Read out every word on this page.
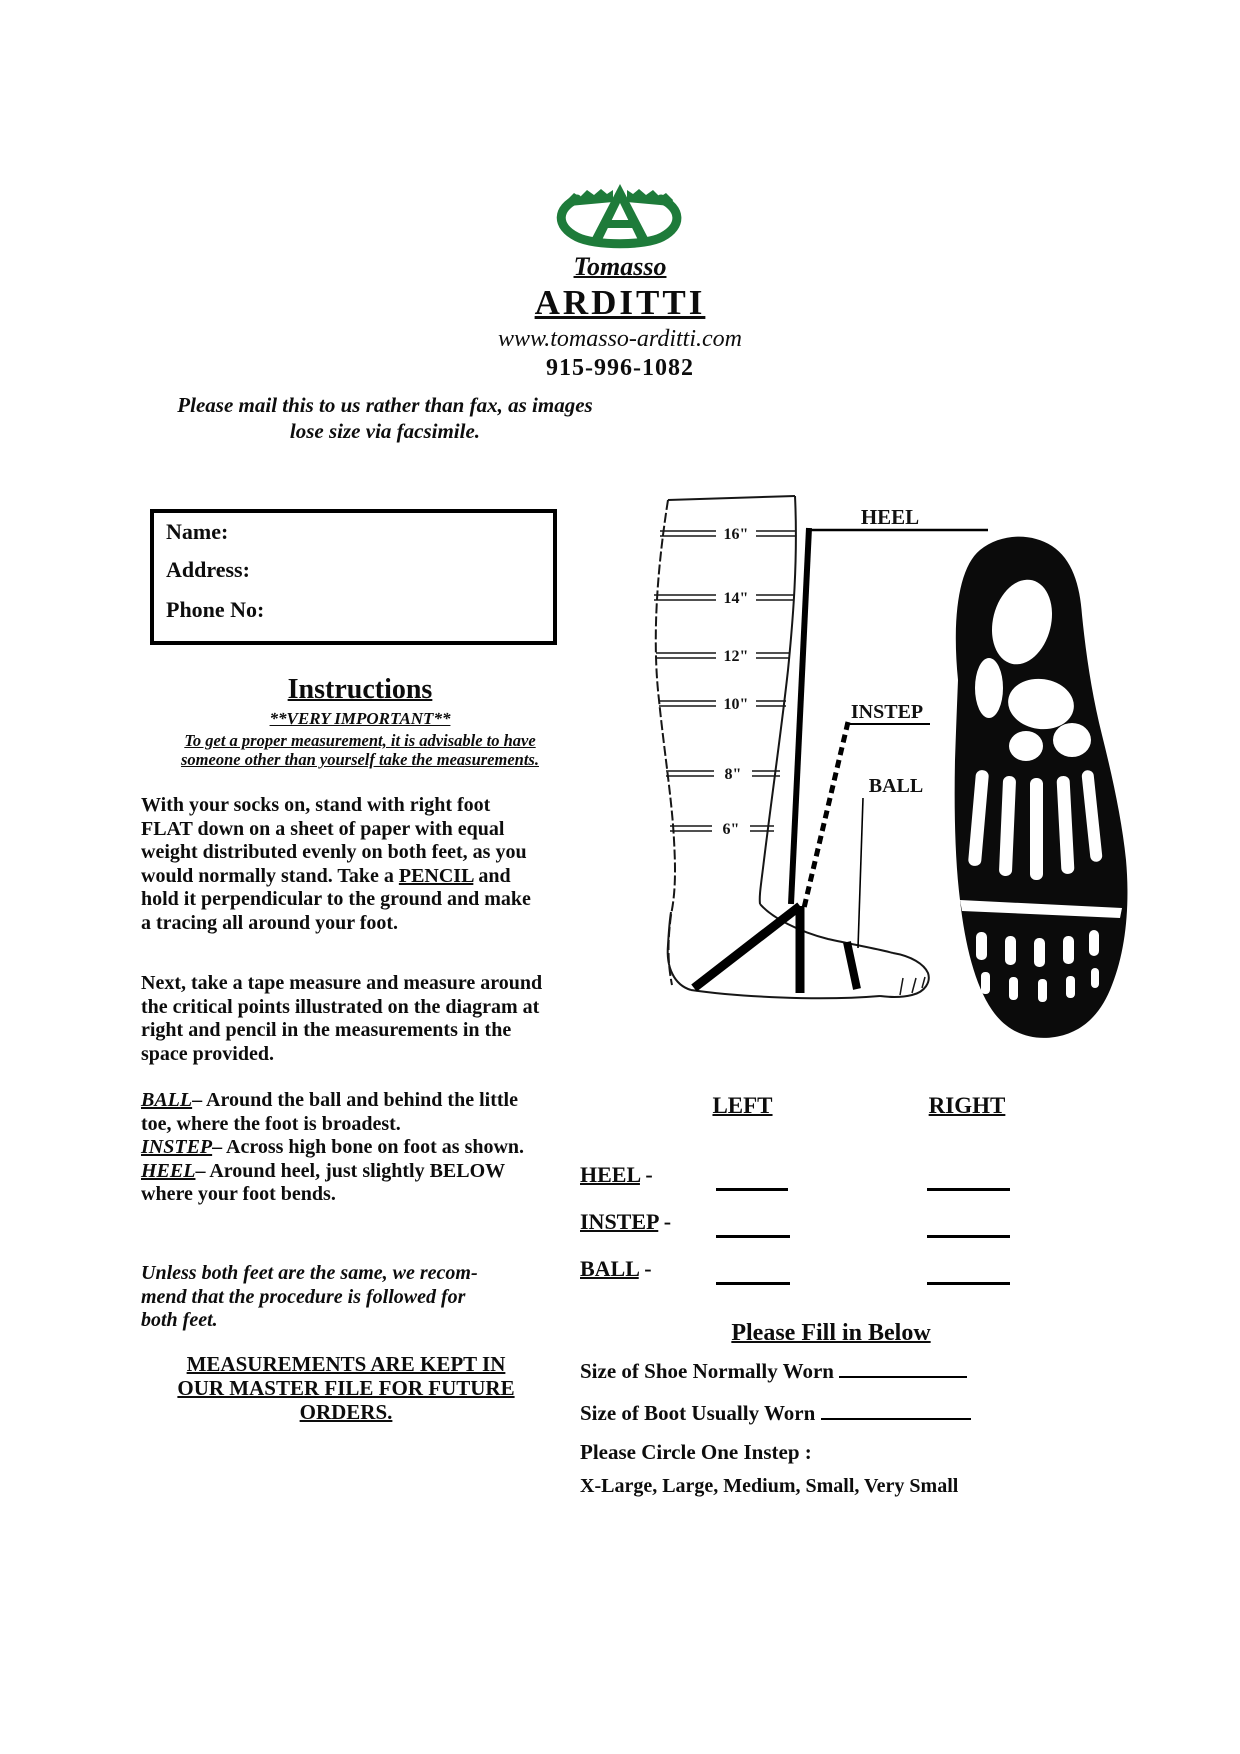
Tomasso
ARDITTI
www.tomasso-arditti.com
915-996-1082
Please mail this to us rather than fax, as images
lose size via facsimile.
Name:
Address:
Phone No:
Instructions
**VERY IMPORTANT**
To get a proper measurement, it is advisable to have
someone other than yourself take the measurements.
With your socks on, stand with right foot FLAT down on a sheet of paper with equal weight distributed evenly on both feet, as you would normally stand. Take a PENCIL and hold it perpendicular to the ground and make a tracing all around your foot.
Next, take a tape measure and measure around the critical points illustrated on the diagram at right and pencil in the measurements in the space provided.

BALL– Around the ball and behind the little toe, where the foot is broadest.

INSTEP– Across high bone on foot as shown.

HEEL– Around heel, just slightly BELOW where your foot bends.

Unless both feet are the same, we recom-
mend that the procedure is followed for
both feet.
MEASUREMENTS ARE KEPT IN
OUR MASTER FILE FOR FUTURE
ORDERS.
16"
14"
12"
10"
8"
6"
HEEL
INSTEP
BALL
LEFT	RIGHT
HEEL -
INSTEP -
BALL -
Please Fill in Below
Size of Shoe Normally Worn
Size of Boot Usually Worn
Please Circle One Instep :
X-Large, Large, Medium, Small, Very Small
